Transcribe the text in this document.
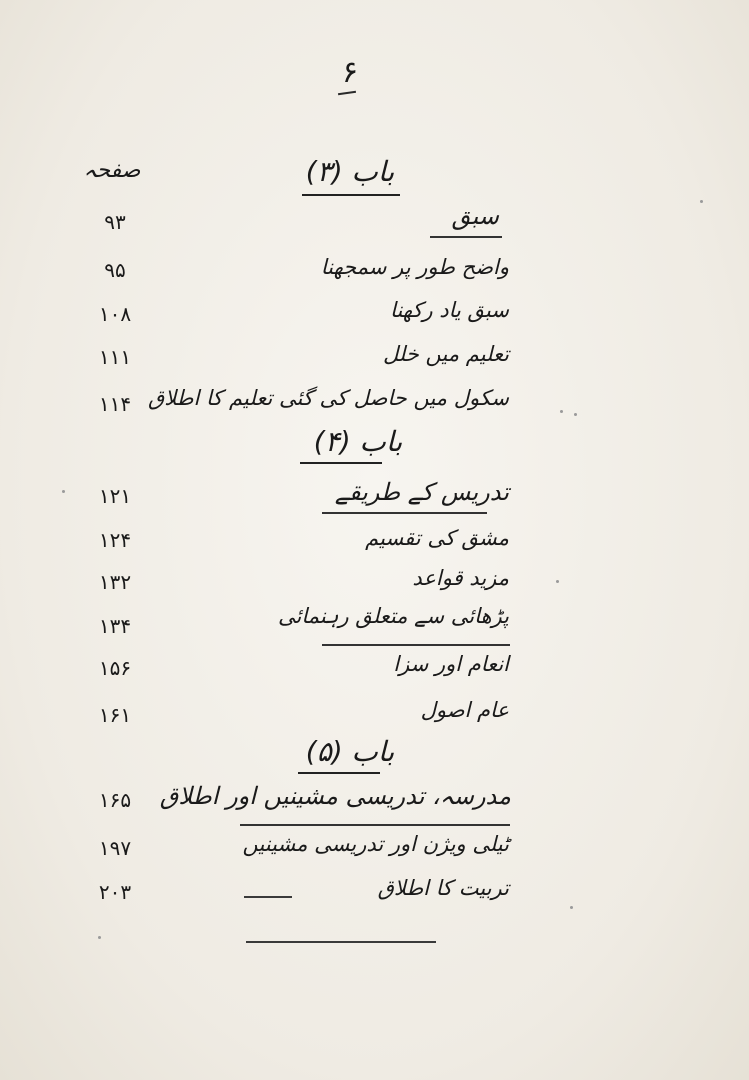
۶
صفحہ	باب (۳)
سبق
۹۳
واضح طور پر سمجھنا
۹۵
سبق یاد رکھنا
۱۰۸
تعلیم میں خلل
۱۱۱
سکول میں حاصل کی گئی تعلیم کا اطلاق
۱۱۴
باب (۴)
تدریس کے طریقے
۱۲۱
مشق کی تقسیم
۱۲۴
مزید قواعد
۱۳۲
پڑھائی سے متعلق رہنمائی
۱۳۴
انعام اور سزا
۱۵۶
عام اصول
۱۶۱
باب (۵)
مدرسہ، تدریسی مشینیں اور اطلاق
۱۶۵
ٹیلی ویژن اور تدریسی مشینیں
۱۹۷
تربیت کا اطلاق
۲۰۳
